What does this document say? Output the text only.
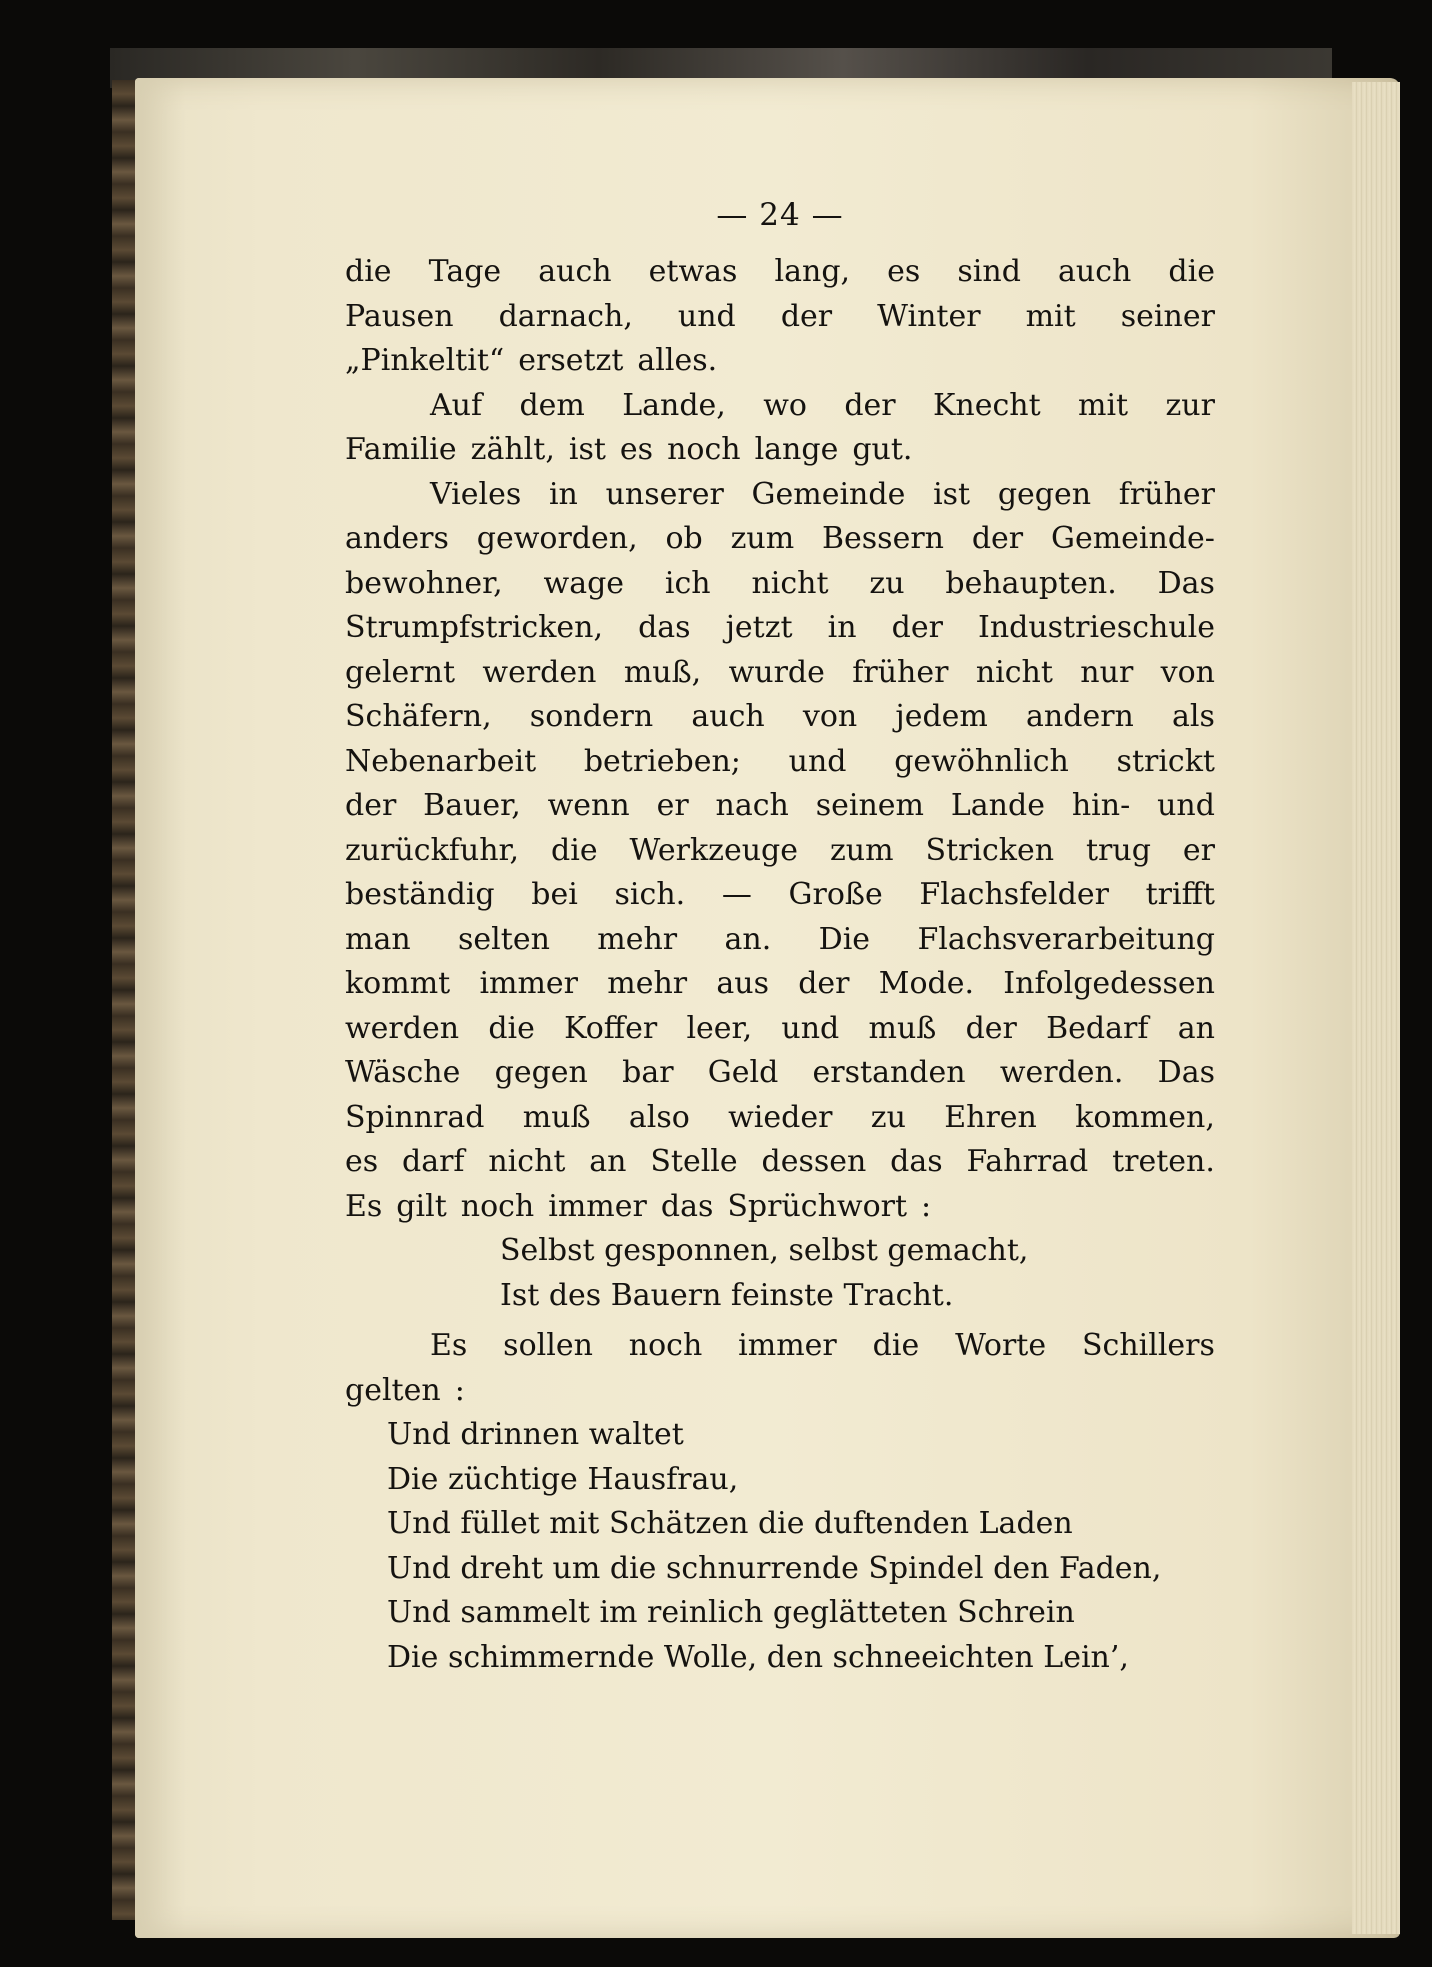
— 24 —
die Tage auch etwas lang, es sind auch die
Pausen darnach, und der Winter mit seiner
„Pinkeltit“ ersetzt alles.
Auf dem Lande, wo der Knecht mit zur
Familie zählt, ist es noch lange gut.
Vieles in unserer Gemeinde ist gegen früher
anders geworden, ob zum Bessern der Gemeinde-
bewohner, wage ich nicht zu behaupten. Das
Strumpfstricken, das jetzt in der Industrieschule
gelernt werden muß, wurde früher nicht nur von
Schäfern, sondern auch von jedem andern als
Nebenarbeit betrieben; und gewöhnlich strickt
der Bauer, wenn er nach seinem Lande hin- und
zurückfuhr, die Werkzeuge zum Stricken trug er
beständig bei sich. — Große Flachsfelder trifft
man selten mehr an. Die Flachsverarbeitung
kommt immer mehr aus der Mode. Infolgedessen
werden die Koffer leer, und muß der Bedarf an
Wäsche gegen bar Geld erstanden werden. Das
Spinnrad muß also wieder zu Ehren kommen,
es darf nicht an Stelle dessen das Fahrrad treten.
Es gilt noch immer das Sprüchwort :
Selbst gesponnen, selbst gemacht,
Ist des Bauern feinste Tracht.
Es sollen noch immer die Worte Schillers
gelten :
Und drinnen waltet
Die züchtige Hausfrau,
Und füllet mit Schätzen die duftenden Laden
Und dreht um die schnurrende Spindel den Faden,
Und sammelt im reinlich geglätteten Schrein
Die schimmernde Wolle, den schneeichten Lein’,
